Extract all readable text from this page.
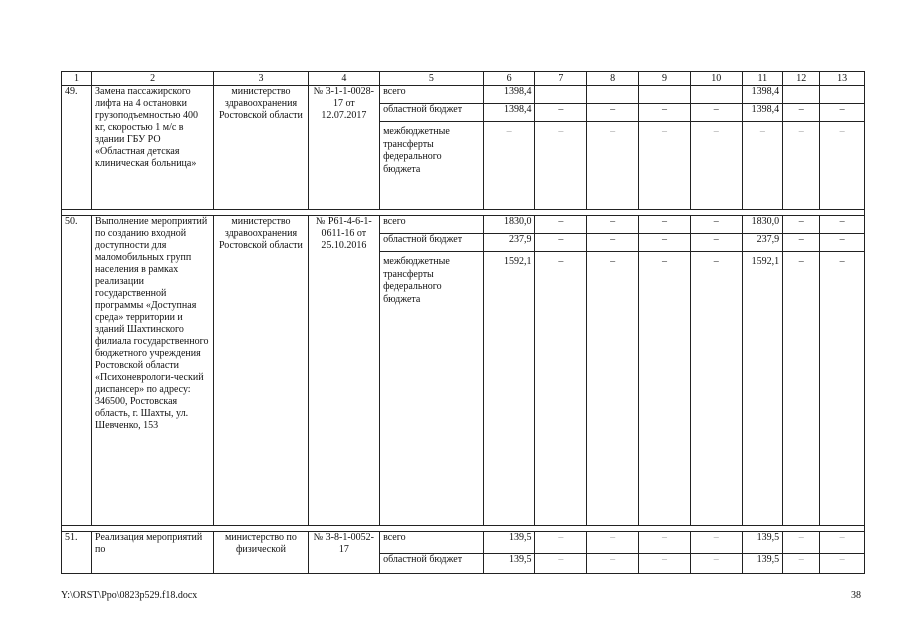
1	2	3	4	5	6	7	8	9	10	11	12	13
49.	Замена пассажирского лифта на 4 остановки грузоподъемностью 400 кг, скоростью 1 м/с в здании ГБУ РО «Областная детская клиническая больница»	министерство здравоохранения Ростовской области	№ 3-1-1-0028-17 от 12.07.2017	всего	1398,4					1398,4		
				областной бюджет	1398,4	–	–	–	–	1398,4	–	–
				межбюджетные трансферты федерального бюджета	–	–	–	–	–	–	–	–

50.	Выполнение мероприятий по созданию входной доступности для маломобильных групп населения в рамках реализации государственной программы «Доступная среда» территории и зданий Шахтинского филиала государственного бюджетного учреждения Ростовской области «Психоневрологи-ческий диспансер» по адресу: 346500, Ростовская область, г. Шахты, ул. Шевченко, 153	министерство здравоохранения Ростовской области	№ Р61-4-6-1-0611-16 от 25.10.2016	всего	1830,0	–	–	–	–	1830,0	–	–
				областной бюджет	237,9	–	–	–	–	237,9	–	–
				межбюджетные трансферты федерального бюджета	1592,1	–	–	–	–	1592,1	–	–

51.	Реализация мероприятий по	министерство по физической	№ 3-8-1-0052-17	всего	139,5	–	–	–	–	139,5	–	–
				областной бюджет	139,5	–	–	–	–	139,5	–	–
Y:\ORST\Ppo\0823p529.f18.docx	38
